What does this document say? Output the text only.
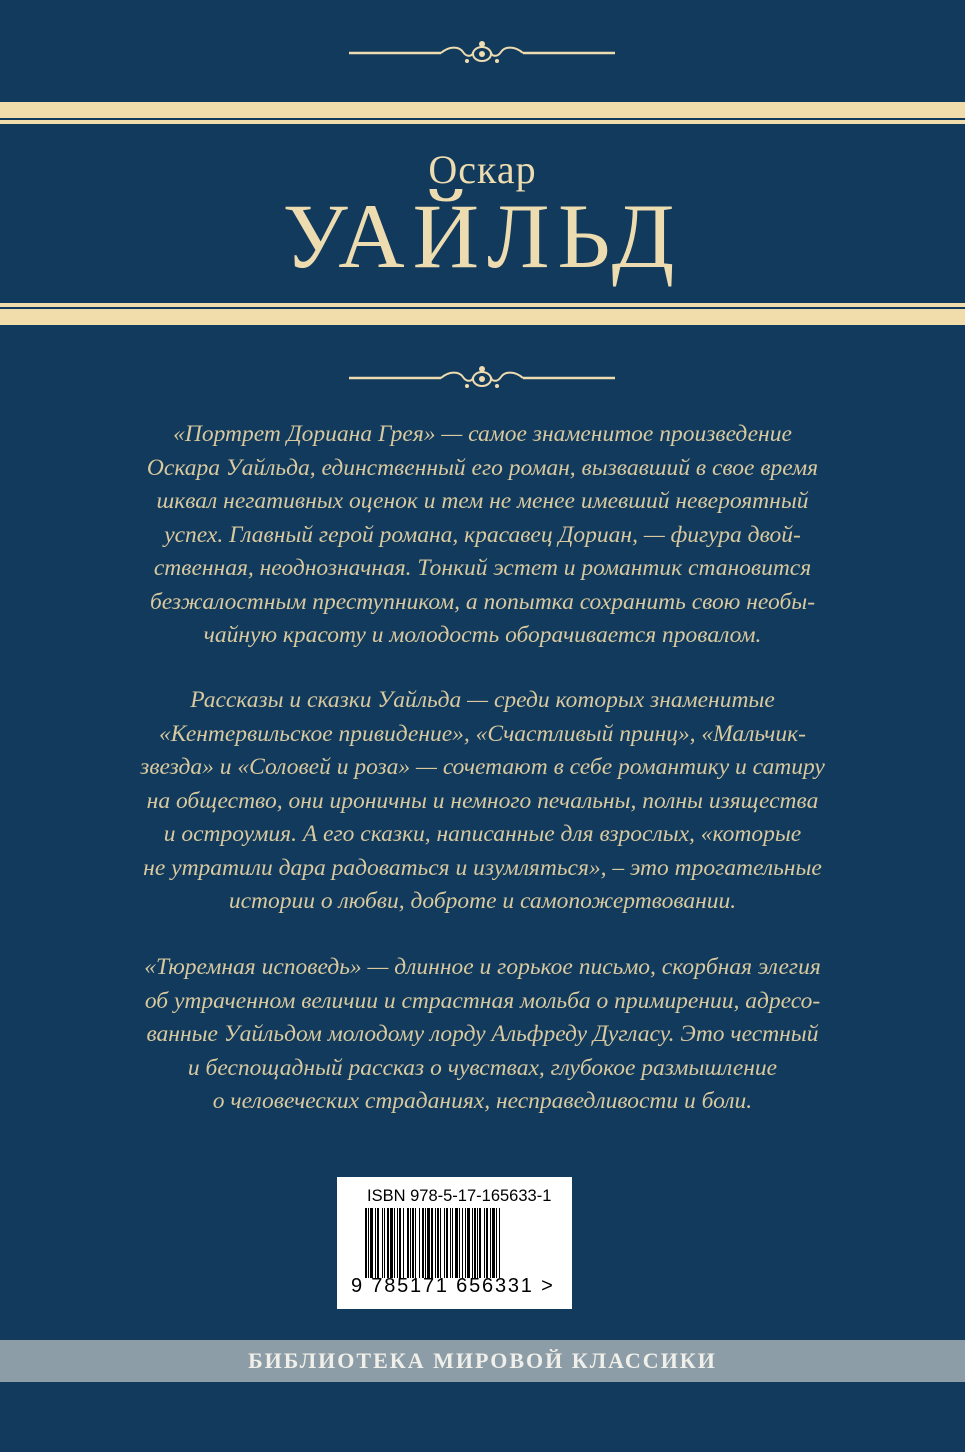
Оскар
УАЙЛЬД
«Портрет Дориана Грея» — самое знаменитое произведение
Оскара Уайльда, единственный его роман, вызвавший в свое время
шквал негативных оценок и тем не менее имевший невероятный
успех. Главный герой романа, красавец Дориан, — фигура двой-
ственная, неоднозначная. Тонкий эстет и романтик становится
безжалостным преступником, а попытка сохранить свою необы-
чайную красоту и молодость оборачивается провалом.
Рассказы и сказки Уайльда — среди которых знаменитые
«Кентервильское привидение», «Счастливый принц», «Мальчик-
звезда» и «Соловей и роза» — сочетают в себе романтику и сатиру
на общество, они ироничны и немного печальны, полны изящества
и остроумия. А его сказки, написанные для взрослых, «которые
не утратили дара радоваться и изумляться», – это трогательные
истории о любви, доброте и самопожертвовании.
«Тюремная исповедь» — длинное и горькое письмо, скорбная элегия
об утраченном величии и страстная мольба о примирении, адресо-
ванные Уайльдом молодому лорду Альфреду Дугласу. Это честный
и беспощадный рассказ о чувствах, глубокое размышление
о человеческих страданиях, несправедливости и боли.
ISBN 978-5-17-165633-1
9 785171 656331 >
БИБЛИОТЕКА МИРОВОЙ КЛАССИКИ
